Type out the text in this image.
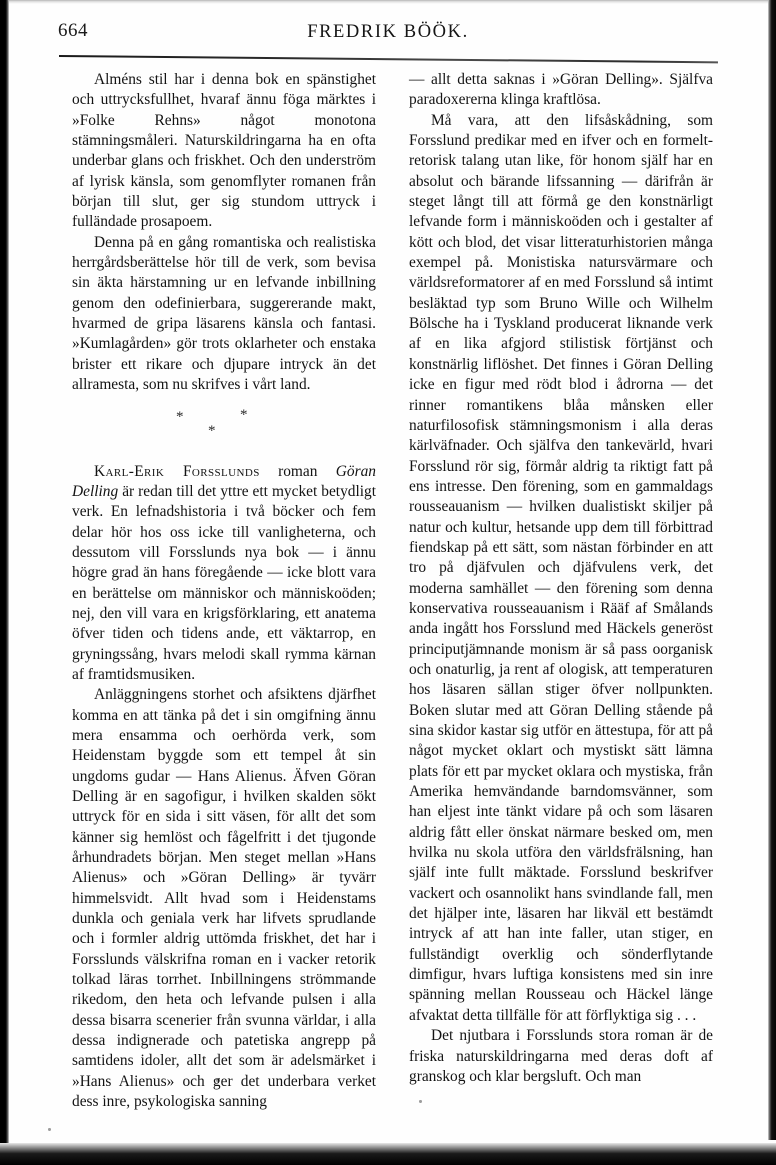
664	FREDRIK BÖÖK.

Alméns stil har i denna bok en spänstighet och uttrycksfullhet, hvaraf ännu föga märktes i »Folke Rehns» något monotona stämningsmåleri. Naturskildringarna ha en ofta underbar glans och friskhet. Och den underström af lyrisk känsla, som genomflyter romanen från början till slut, ger sig stundom uttryck i fulländade prosapoem.

Denna på en gång romantiska och realistiska herrgårdsberättelse hör till de verk, som bevisa sin äkta härstamning ur en lefvande inbillning genom den odefinierbara, suggererande makt, hvarmed de gripa läsarens känsla och fantasi. »Kumlagården» gör trots oklarheter och enstaka brister ett rikare och djupare intryck än det allramesta, som nu skrifves i vårt land.

*	*
*

Karl-Erik Forsslunds roman Göran Delling är redan till det yttre ett mycket betydligt verk. En lefnadshistoria i två böcker och fem delar hör hos oss icke till vanligheterna, och dessutom vill Forsslunds nya bok — i ännu högre grad än hans föregående — icke blott vara en berättelse om människor och människoöden; nej, den vill vara en krigsförklaring, ett anatema öfver tiden och tidens ande, ett väktarrop, en gryningssång, hvars melodi skall rymma kärnan af framtidsmusiken.

Anläggningens storhet och afsiktens djärfhet komma en att tänka på det i sin omgifning ännu mera ensamma och oerhörda verk, som Heidenstam byggde som ett tempel åt sin ungdoms gudar — Hans Alienus. Äfven Göran Delling är en sagofigur, i hvilken skalden sökt uttryck för en sida i sitt väsen, för allt det som känner sig hemlöst och fågelfritt i det tjugonde århundradets början. Men steget mellan »Hans Alienus» och »Göran Delling» är tyvärr himmelsvidt. Allt hvad som i Heidenstams dunkla och geniala verk har lifvets sprudlande och i formler aldrig uttömda friskhet, det har i Forsslunds välskrifna roman en i vacker retorik tolkad läras torrhet. Inbillningens strömmande rikedom, den heta och lefvande pulsen i alla dessa bisarra scenerier från svunna världar, i alla dessa indignerade och patetiska angrepp på samtidens idoler, allt det som är adelsmärket i »Hans Alienus» och ger det underbara verket dess inre, psykologiska sanning

— allt detta saknas i »Göran Delling». Själfva paradoxererna klinga kraftlösa.

Må vara, att den lifsåskådning, som Forsslund predikar med en ifver och en formelt-retorisk talang utan like, för honom själf har en absolut och bärande lifssanning — därifrån är steget långt till att förmå ge den konstnärligt lefvande form i människoöden och i gestalter af kött och blod, det visar litteraturhistorien många exempel på. Monistiska natursvärmare och världsreformatorer af en med Forsslund så intimt besläktad typ som Bruno Wille och Wilhelm Bölsche ha i Tyskland producerat liknande verk af en lika afgjord stilistisk förtjänst och konstnärlig liflöshet. Det finnes i Göran Delling icke en figur med rödt blod i ådrorna — det rinner romantikens blåa månsken eller naturfilosofisk stämningsmonism i alla deras kärlväfnader. Och själfva den tankevärld, hvari Forsslund rör sig, förmår aldrig ta riktigt fatt på ens intresse. Den förening, som en gammaldags rousseauanism — hvilken dualistiskt skiljer på natur och kultur, hetsande upp dem till förbittrad fiendskap på ett sätt, som nästan förbinder en att tro på djäfvulen och djäfvulens verk, det moderna samhället — den förening som denna konservativa rousseauanism i Rääf af Smålands anda ingått hos Forsslund med Häckels generöst principutjämnande monism är så pass oorganisk och onaturlig, ja rent af ologisk, att temperaturen hos läsaren sällan stiger öfver nollpunkten. Boken slutar med att Göran Delling stående på sina skidor kastar sig utför en ättestupa, för att på något mycket oklart och mystiskt sätt lämna plats för ett par mycket oklara och mystiska, från Amerika hemvändande barndomsvänner, som han eljest inte tänkt vidare på och som läsaren aldrig fått eller önskat närmare besked om, men hvilka nu skola utföra den världsfrälsning, han själf inte fullt mäktade. Forsslund beskrifver vackert och osannolikt hans svindlande fall, men det hjälper inte, läsaren har likväl ett bestämdt intryck af att han inte faller, utan stiger, en fullständigt overklig och sönderflytande dimfigur, hvars luftiga konsistens med sin inre spänning mellan Rousseau och Häckel länge afvaktat detta tillfälle för att förflyktiga sig . . .

Det njutbara i Forsslunds stora roman är de friska naturskildringarna med deras doft af granskog och klar bergsluft. Och man
